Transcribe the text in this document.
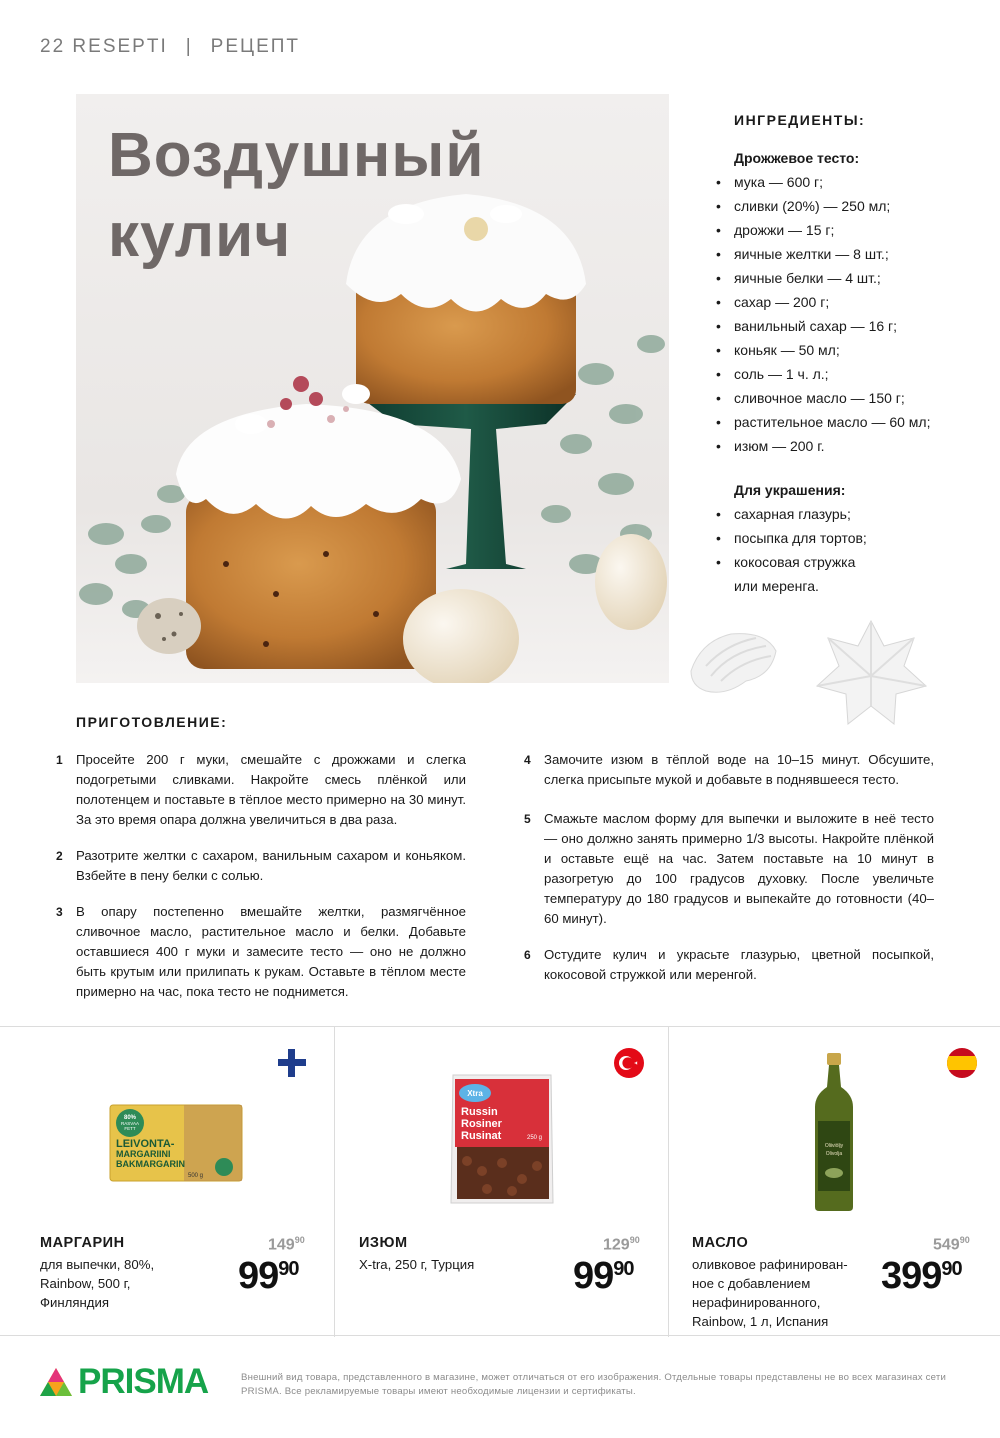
22 RESEPTI | РЕЦЕПТ
Воздушный
кулич
ИНГРЕДИЕНТЫ:
Дрожжевое тесто:
• мука — 600 г;
• сливки (20%) — 250 мл;
• дрожжи — 15 г;
• яичные желтки — 8 шт.;
• яичные белки — 4 шт.;
• сахар — 200 г;
• ванильный сахар — 16 г;
• коньяк — 50 мл;
• соль — 1 ч. л.;
• сливочное масло — 150 г;
• растительное масло — 60 мл;
• изюм — 200 г.
Для украшения:
• сахарная глазурь;
• посыпка для тортов;
• кокосовая стружка или меренга.
ПРИГОТОВЛЕНИЕ:
1 Просейте 200 г муки, смешайте с дрожжами и слегка подогретыми сливками. Накройте смесь плёнкой или полотенцем и поставьте в тёплое место примерно на 30 минут. За это время опара должна увеличиться в два раза.
2 Разотрите желтки с сахаром, ванильным сахаром и коньяком. Взбейте в пену белки с солью.
3 В опару постепенно вмешайте желтки, размягчённое сливочное масло, растительное масло и белки. Добавьте оставшиеся 400 г муки и замесите тесто — оно не должно быть крутым или прилипать к рукам. Оставьте в тёплом месте примерно на час, пока тесто не поднимется.
4 Замочите изюм в тёплой воде на 10–15 минут. Обсушите, слегка присыпьте мукой и добавьте в поднявшееся тесто.
5 Смажьте маслом форму для выпечки и выложите в неё тесто — оно должно занять примерно 1/3 высоты. Накройте плёнкой и оставьте ещё на час. Затем поставьте на 10 минут в разогретую до 100 градусов духовку. После увеличьте температуру до 180 градусов и выпекайте до готовности (40–60 минут).
6 Остудите кулич и украсьте глазурью, цветной посыпкой, кокосовой стружкой или меренгой.
80%
RASVAA
FETT
LEIVONTA-
MARGARIINI
BAKMARGARIN
500 g
МАРГАРИН
для выпечки, 80%,
Rainbow, 500 г,
Финляндия
$149^{90}$
$99^{90}$
Xtra
Russin
Rosiner
Rusinat	250 g
ИЗЮМ
X-tra, 250 г, Турция
$129^{90}$
$99^{90}$
Oliiviöljy
Olivolja
МАСЛО
оливковое рафинирован-
ное с добавлением
нерафинированного,
Rainbow, 1 л, Испания
$549^{90}$
$399^{90}$
PRISMA	Внешний вид товара, представленного в магазине, может отличаться от его изображения. Отдельные товары представлены не во всех магазинах сети PRISMA. Все рекламируемые товары имеют необходимые лицензии и сертификаты.
